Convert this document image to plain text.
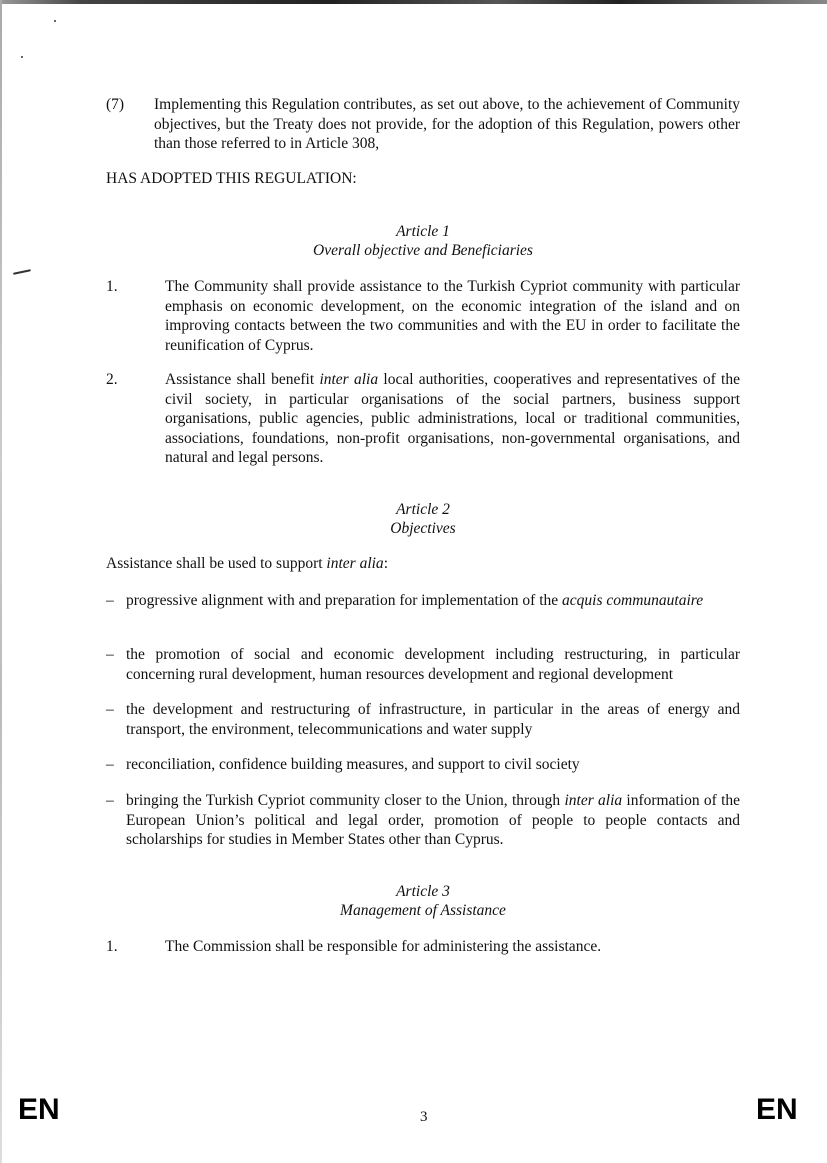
(7) Implementing this Regulation contributes, as set out above, to the achievement of Community objectives, but the Treaty does not provide, for the adoption of this Regulation, powers other than those referred to in Article 308,
HAS ADOPTED THIS REGULATION:
Article 1
Overall objective and Beneficiaries
1.	The Community shall provide assistance to the Turkish Cypriot community with particular emphasis on economic development, on the economic integration of the island and on improving contacts between the two communities and with the EU in order to facilitate the reunification of Cyprus.
2.	Assistance shall benefit inter alia local authorities, cooperatives and representatives of the civil society, in particular organisations of the social partners, business support organisations, public agencies, public administrations, local or traditional communities, associations, foundations, non-profit organisations, non-governmental organisations, and natural and legal persons.
Article 2
Objectives
Assistance shall be used to support inter alia:
– progressive alignment with and preparation for implementation of the acquis communautaire
– the promotion of social and economic development including restructuring, in particular concerning rural development, human resources development and regional development
– the development and restructuring of infrastructure, in particular in the areas of energy and transport, the environment, telecommunications and water supply
– reconciliation, confidence building measures, and support to civil society
– bringing the Turkish Cypriot community closer to the Union, through inter alia information of the European Union’s political and legal order, promotion of people to people contacts and scholarships for studies in Member States other than Cyprus.
Article 3
Management of Assistance
1.	The Commission shall be responsible for administering the assistance.
EN	3	EN
